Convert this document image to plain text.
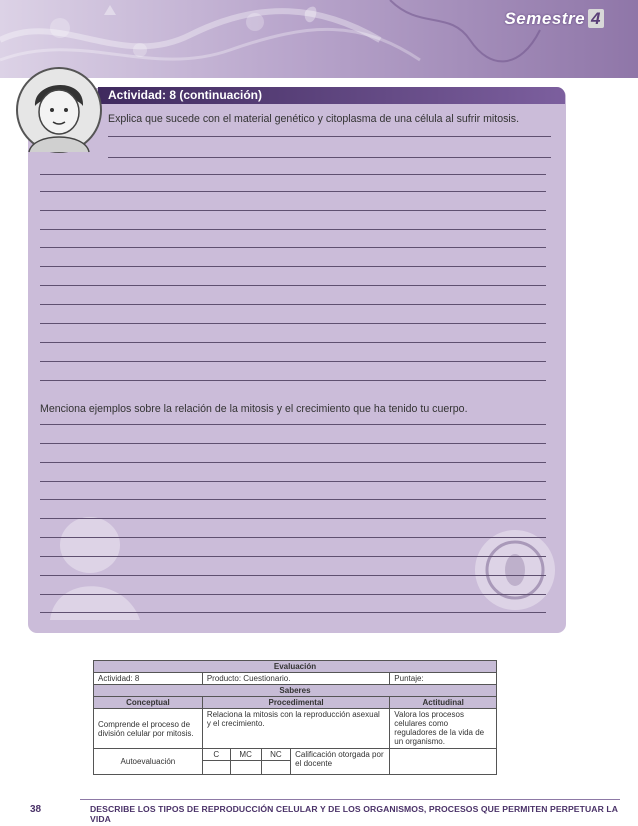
Semestre 4
Actividad: 8 (continuación)
Explica que sucede con el material genético y citoplasma de una célula al sufrir mitosis.
Menciona ejemplos sobre la relación de la mitosis y el crecimiento que ha tenido tu cuerpo.
Evaluación					
Actividad: 8	Producto: Cuestionario.				Puntaje:
Saberes					
Conceptual	Procedimental				Actitudinal
Comprende el proceso de división celular por mitosis.	Relaciona la mitosis con la reproducción asexual y el crecimiento.				Valora los procesos celulares como reguladores de la vida de un organismo.
Autoevaluación	C	MC	NC	Calificación otorgada por el docente	

38	DESCRIBE LOS TIPOS DE REPRODUCCIÓN CELULAR Y DE LOS ORGANISMOS, PROCESOS QUE PERMITEN PERPETUAR LA VIDA
